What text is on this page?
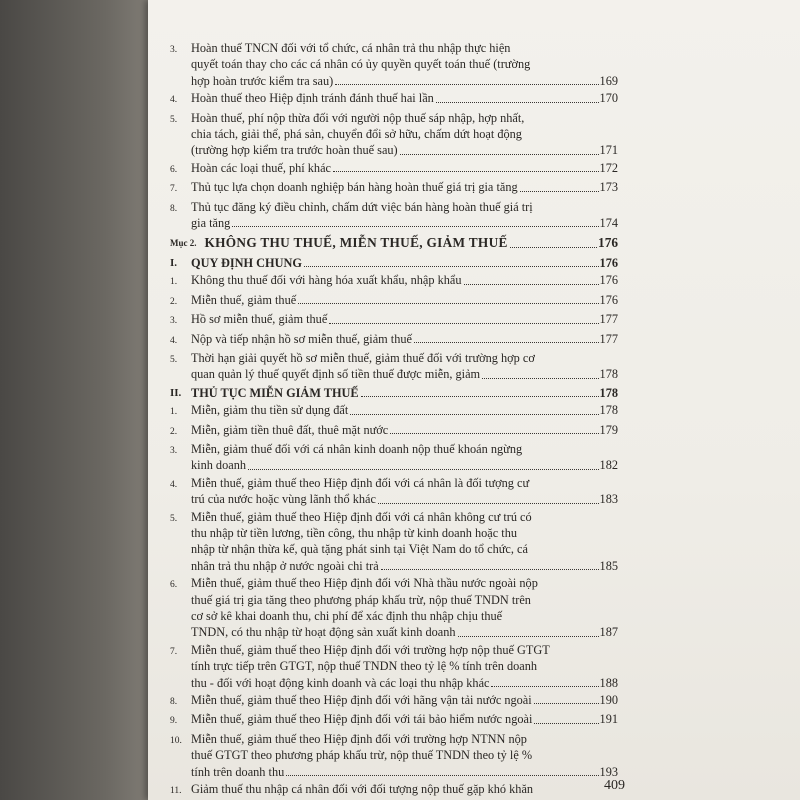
3.	Hoàn thuế TNCN đối với tổ chức, cá nhân trả thu nhập thực hiện
quyết toán thay cho các cá nhân có ủy quyền quyết toán thuế (trường
hợp hoàn trước kiểm tra sau)	169
4.	Hoàn thuế theo Hiệp định tránh đánh thuế hai lần	170
5.	Hoàn thuế, phí nộp thừa đối với người nộp thuế sáp nhập, hợp nhất,
chia tách, giải thể, phá sản, chuyển đổi sở hữu, chấm dứt hoạt động
(trường hợp kiểm tra trước hoàn thuế sau)	171
6.	Hoàn các loại thuế, phí khác	172
7.	Thủ tục lựa chọn doanh nghiệp bán hàng hoàn thuế giá trị gia tăng	173
8.	Thủ tục đăng ký điều chỉnh, chấm dứt việc bán hàng hoàn thuế giá trị
gia tăng	174
Mục 2. KHÔNG THU THUẾ, MIỄN THUẾ, GIẢM THUẾ	176
I.	QUY ĐỊNH CHUNG	176
1.	Không thu thuế đối với hàng hóa xuất khẩu, nhập khẩu	176
2.	Miễn thuế, giảm thuế	176
3.	Hồ sơ miễn thuế, giảm thuế	177
4.	Nộp và tiếp nhận hồ sơ miễn thuế, giảm thuế	177
5.	Thời hạn giải quyết hồ sơ miễn thuế, giảm thuế đối với trường hợp cơ
quan quản lý thuế quyết định số tiền thuế được miễn, giảm	178
II. THỦ TỤC MIỄN GIẢM THUẾ	178
1.	Miễn, giảm thu tiền sử dụng đất	178
2.	Miễn, giảm tiền thuê đất, thuê mặt nước	179
3.	Miễn, giảm thuế đối với cá nhân kinh doanh nộp thuế khoán ngừng
kinh doanh	182
4.	Miễn thuế, giảm thuế theo Hiệp định đối với cá nhân là đối tượng cư
trú của nước hoặc vùng lãnh thổ khác	183
5.	Miễn thuế, giảm thuế theo Hiệp định đối với cá nhân không cư trú có
thu nhập từ tiền lương, tiền công, thu nhập từ kinh doanh hoặc thu
nhập từ nhận thừa kế, quà tặng phát sinh tại Việt Nam do tổ chức, cá
nhân trả thu nhập ở nước ngoài chi trả	185
6.	Miễn thuế, giảm thuế theo Hiệp định đối với Nhà thầu nước ngoài nộp
thuế giá trị gia tăng theo phương pháp khấu trừ, nộp thuế TNDN trên
cơ sở kê khai doanh thu, chi phí để xác định thu nhập chịu thuế
TNDN, có thu nhập từ hoạt động sản xuất kinh doanh	187
7.	Miễn thuế, giảm thuế theo Hiệp định đối với trường hợp nộp thuế GTGT
tính trực tiếp trên GTGT, nộp thuế TNDN theo tỷ lệ % tính trên doanh
thu - đối với hoạt động kinh doanh và các loại thu nhập khác	188
8.	Miễn thuế, giảm thuế theo Hiệp định đối với hãng vận tải nước ngoài	190
9.	Miễn thuế, giảm thuế theo Hiệp định đối với tái bảo hiểm nước ngoài	191
10. Miễn thuế, giảm thuế theo Hiệp định đối với trường hợp NTNN nộp
thuế GTGT theo phương pháp khấu trừ, nộp thuế TNDN theo tỷ lệ %
tính trên doanh thu	193
11. Giảm thuế thu nhập cá nhân đối với đối tượng nộp thuế gặp khó khăn	409
